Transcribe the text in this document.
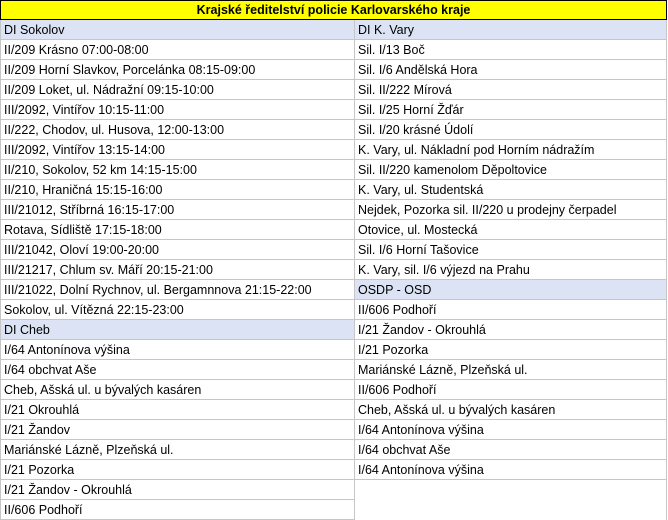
Krajské ředitelství policie Karlovarského kraje
DI Sokolov
II/209 Krásno 07:00-08:00
II/209 Horní Slavkov, Porcelánka 08:15-09:00
II/209 Loket, ul. Nádražní 09:15-10:00
III/2092, Vintířov 10:15-11:00
II/222, Chodov, ul. Husova, 12:00-13:00
III/2092, Vintířov 13:15-14:00
II/210, Sokolov, 52 km 14:15-15:00
II/210, Hraničná 15:15-16:00
III/21012, Stříbrná 16:15-17:00
Rotava, Sídliště 17:15-18:00
III/21042, Oloví 19:00-20:00
III/21217, Chlum sv. Máří 20:15-21:00
III/21022, Dolní Rychnov, ul. Bergamnnova 21:15-22:00
Sokolov, ul. Vítězná 22:15-23:00
DI Cheb
I/64 Antonínova výšina
I/64 obchvat Aše
Cheb, Ašská ul. u bývalých kasáren
I/21 Okrouhlá
I/21 Žandov
Mariánské Lázně, Plzeňská ul.
I/21 Pozorka
I/21 Žandov - Okrouhlá
II/606 Podhoří
DI K. Vary
Sil. I/13 Boč
Sil. I/6 Andělská Hora
Sil. II/222 Mírová
Sil. I/25 Horní Žďár
Sil. I/20 krásné Údolí
K. Vary, ul. Nákladní pod Horním nádražím
Sil. II/220 kamenolom Děpoltovice
K. Vary, ul. Studentská
Nejdek, Pozorka sil. II/220 u prodejny čerpadel
Otovice, ul. Mostecká
Sil. I/6 Horní Tašovice
K. Vary, sil. I/6 výjezd na Prahu
OSDP - OSD
II/606 Podhoří
I/21 Žandov - Okrouhlá
I/21 Pozorka
Mariánské Lázně, Plzeňská ul.
II/606 Podhoří
Cheb, Ašská ul. u bývalých kasáren
I/64 Antonínova výšina
I/64 obchvat Aše
I/64 Antonínova výšina
